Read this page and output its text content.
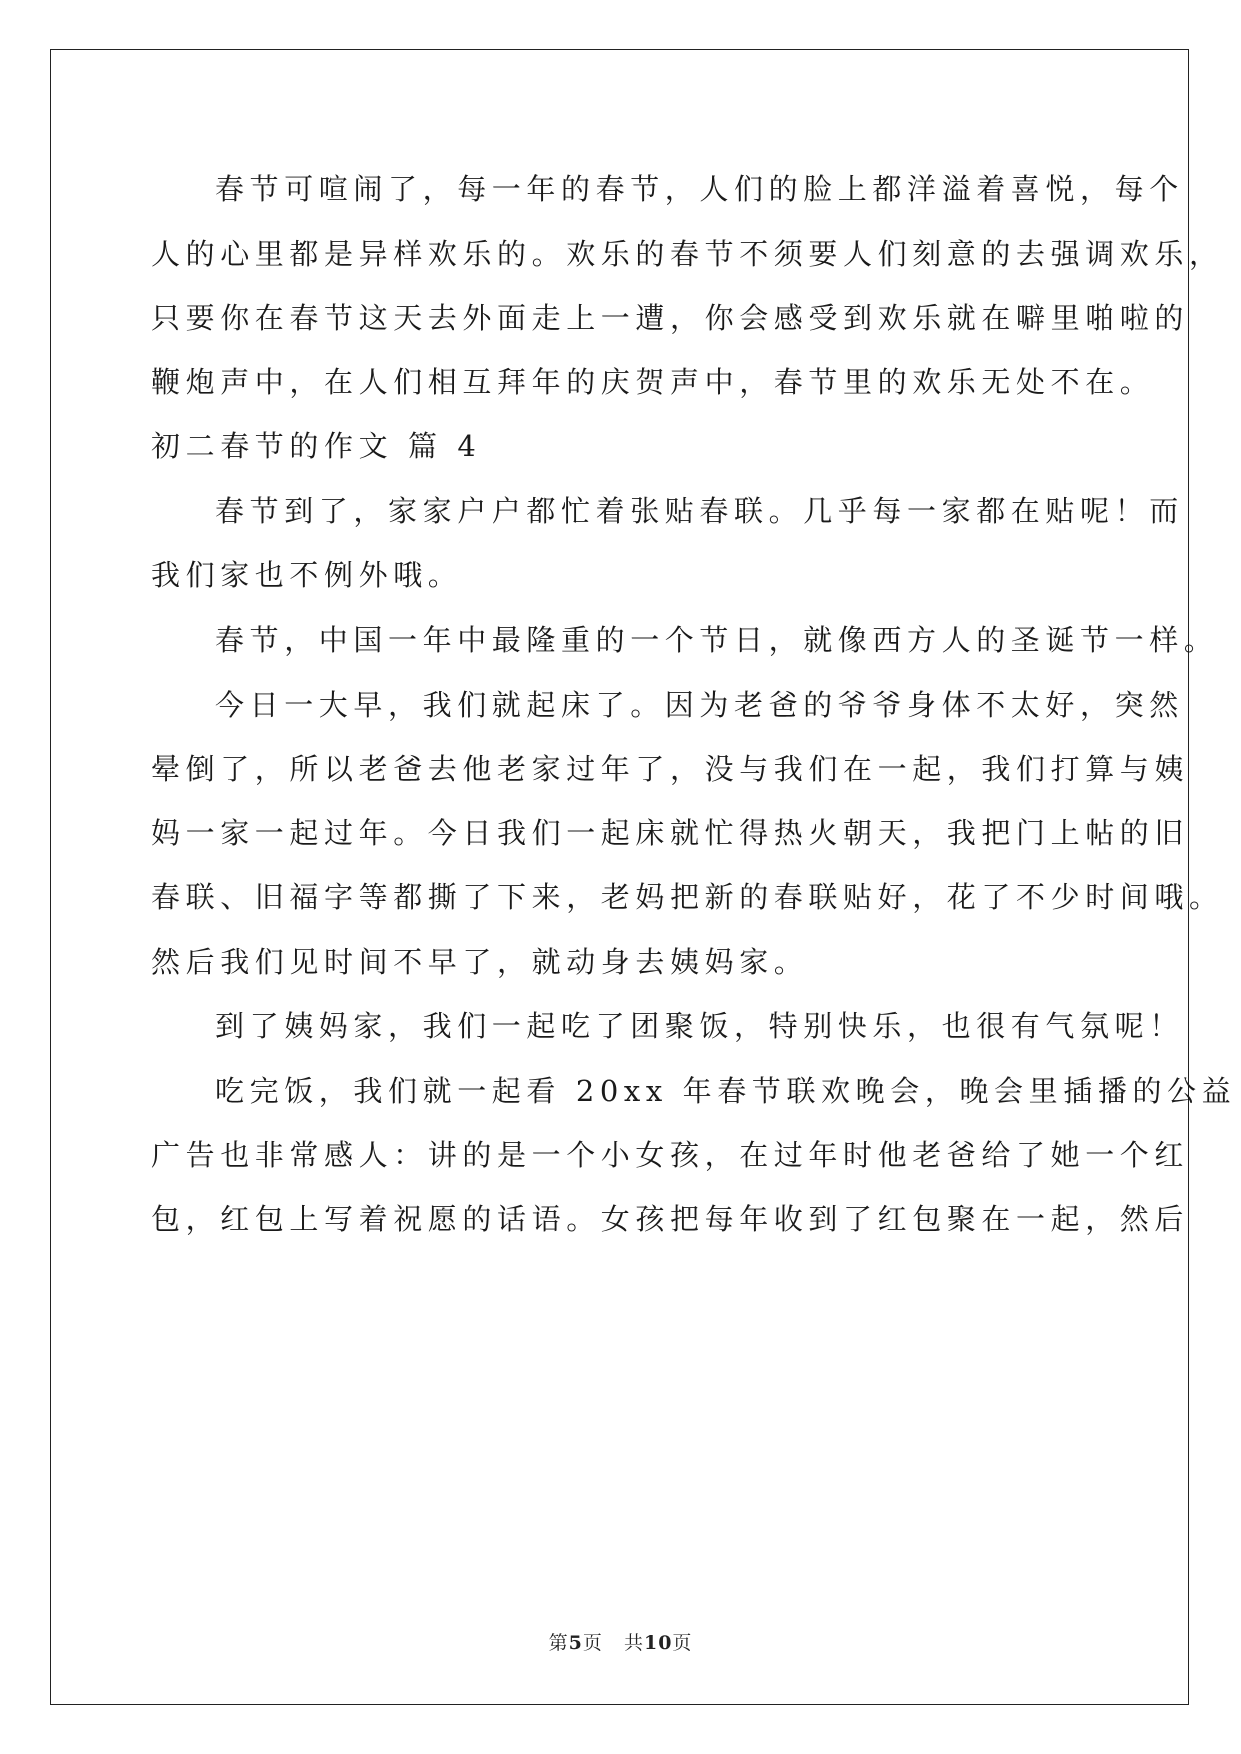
春节可喧闹了，每一年的春节，人们的脸上都洋溢着喜悦，每个
人的心里都是异样欢乐的。欢乐的春节不须要人们刻意的去强调欢乐，
只要你在春节这天去外面走上一遭，你会感受到欢乐就在噼里啪啦的
鞭炮声中，在人们相互拜年的庆贺声中，春节里的欢乐无处不在。
初二春节的作文 篇 4
春节到了，家家户户都忙着张贴春联。几乎每一家都在贴呢！而
我们家也不例外哦。
春节，中国一年中最隆重的一个节日，就像西方人的圣诞节一样。
今日一大早，我们就起床了。因为老爸的爷爷身体不太好，突然
晕倒了，所以老爸去他老家过年了，没与我们在一起，我们打算与姨
妈一家一起过年。今日我们一起床就忙得热火朝天，我把门上帖的旧
春联、旧福字等都撕了下来，老妈把新的春联贴好，花了不少时间哦。
然后我们见时间不早了，就动身去姨妈家。
到了姨妈家，我们一起吃了团聚饭，特别快乐，也很有气氛呢！
吃完饭，我们就一起看 20xx 年春节联欢晚会，晚会里插播的公益
广告也非常感人：讲的是一个小女孩，在过年时他老爸给了她一个红
包，红包上写着祝愿的话语。女孩把每年收到了红包聚在一起，然后
第5页 共10页
